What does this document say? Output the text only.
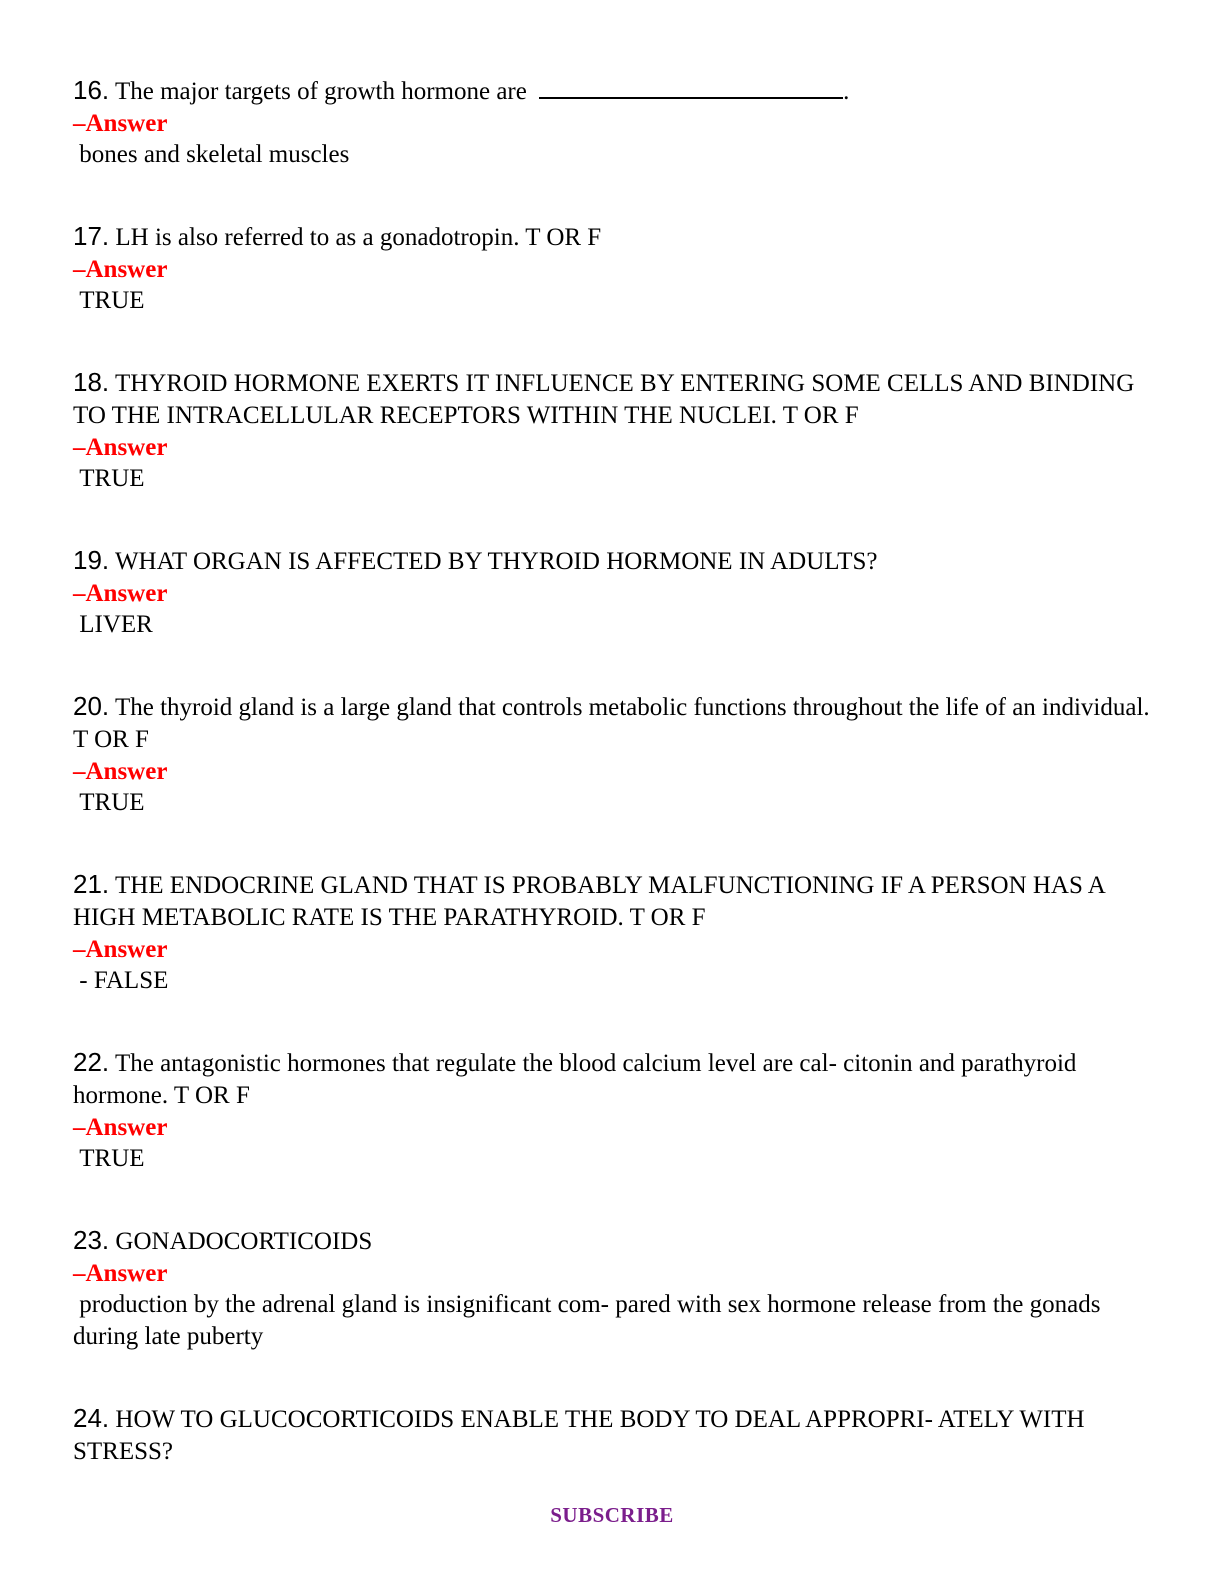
16. The major targets of growth hormone are	.

–Answer

bones and skeletal muscles

17. LH is also referred to as a gonadotropin. T OR F

–Answer

TRUE

18. THYROID HORMONE EXERTS IT INFLUENCE BY ENTERING SOME CELLS AND BINDING TO THE INTRACELLULAR RECEPTORS WITHIN THE NUCLEI. T OR F

–Answer

TRUE

19. WHAT ORGAN IS AFFECTED BY THYROID HORMONE IN ADULTS?

–Answer

LIVER

20. The thyroid gland is a large gland that controls metabolic functions throughout the life of an individual. T OR F

–Answer

TRUE

21. THE ENDOCRINE GLAND THAT IS PROBABLY MALFUNCTIONING IF A PERSON HAS A HIGH METABOLIC RATE IS THE PARATHYROID. T OR F

–Answer

- FALSE

22. The antagonistic hormones that regulate the blood calcium level are cal- citonin and parathyroid hormone. T OR F

–Answer

TRUE

23. GONADOCORTICOIDS

–Answer

production by the adrenal gland is insignificant com- pared with sex hormone release from the gonads during late puberty

24. HOW TO GLUCOCORTICOIDS ENABLE THE BODY TO DEAL APPROPRI- ATELY WITH STRESS?

SUBSCRIBE
